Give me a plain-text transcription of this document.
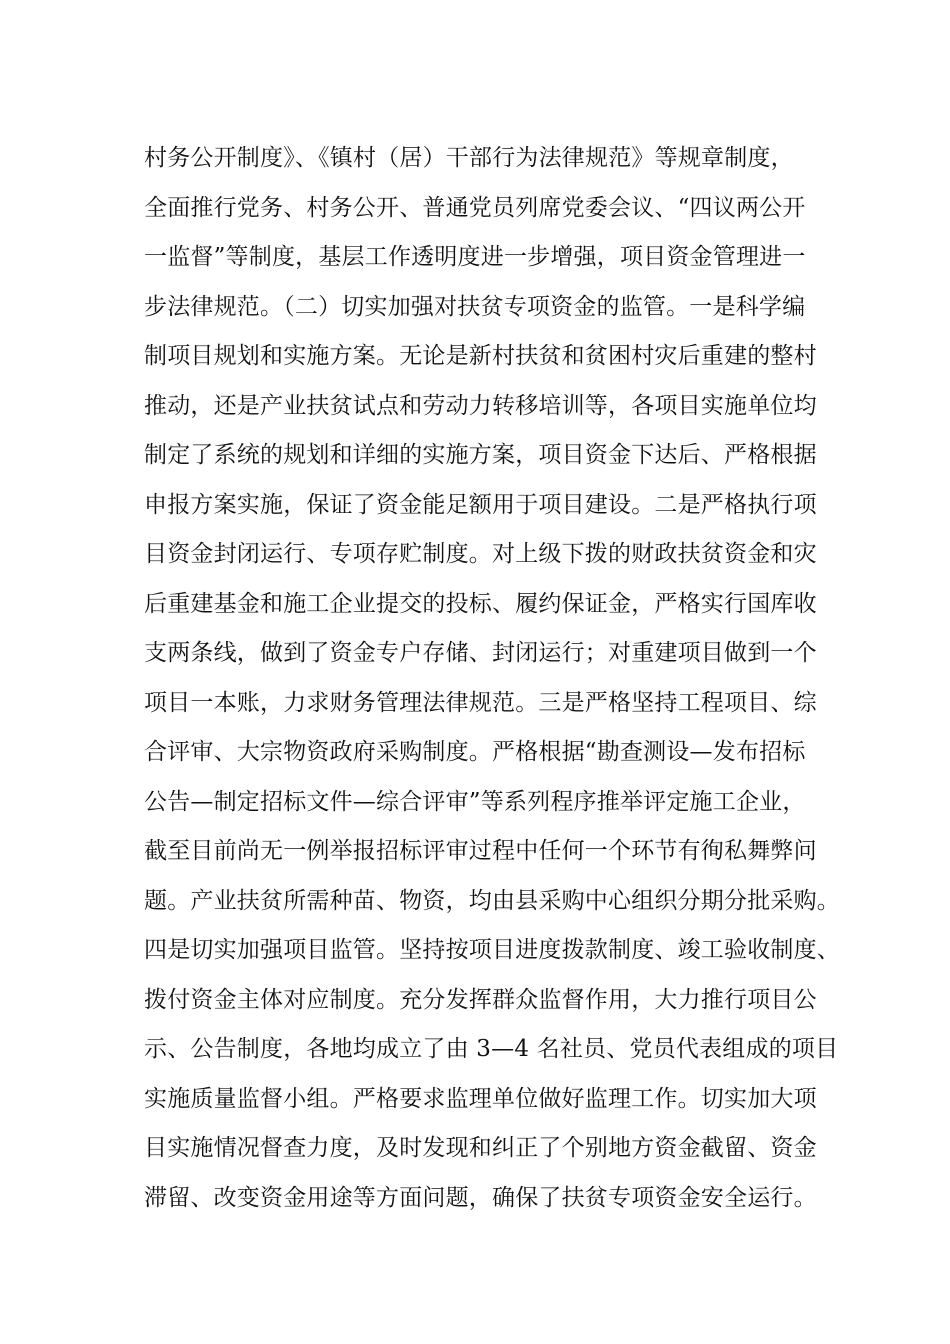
村务公开制度》、《镇村（居）干部行为法律规范》等规章制度，
全面推行党务、村务公开、普通党员列席党委会议、“四议两公开
一监督”等制度，基层工作透明度进一步增强，项目资金管理进一
步法律规范。（二）切实加强对扶贫专项资金的监管。一是科学编
制项目规划和实施方案。无论是新村扶贫和贫困村灾后重建的整村
推动，还是产业扶贫试点和劳动力转移培训等，各项目实施单位均
制定了系统的规划和详细的实施方案，项目资金下达后、严格根据
申报方案实施，保证了资金能足额用于项目建设。二是严格执行项
目资金封闭运行、专项存贮制度。对上级下拨的财政扶贫资金和灾
后重建基金和施工企业提交的投标、履约保证金，严格实行国库收
支两条线，做到了资金专户存储、封闭运行；对重建项目做到一个
项目一本账，力求财务管理法律规范。三是严格坚持工程项目、综
合评审、大宗物资政府采购制度。严格根据“勘查测设—发布招标
公告—制定招标文件—综合评审”等系列程序推举评定施工企业，
截至目前尚无一例举报招标评审过程中任何一个环节有徇私舞弊问
题。产业扶贫所需种苗、物资，均由县采购中心组织分期分批采购。
四是切实加强项目监管。坚持按项目进度拨款制度、竣工验收制度、
拨付资金主体对应制度。充分发挥群众监督作用，大力推行项目公
示、公告制度，各地均成立了由 3—4 名社员、党员代表组成的项目
实施质量监督小组。严格要求监理单位做好监理工作。切实加大项
目实施情况督查力度，及时发现和纠正了个别地方资金截留、资金
滞留、改变资金用途等方面问题，确保了扶贫专项资金安全运行。
